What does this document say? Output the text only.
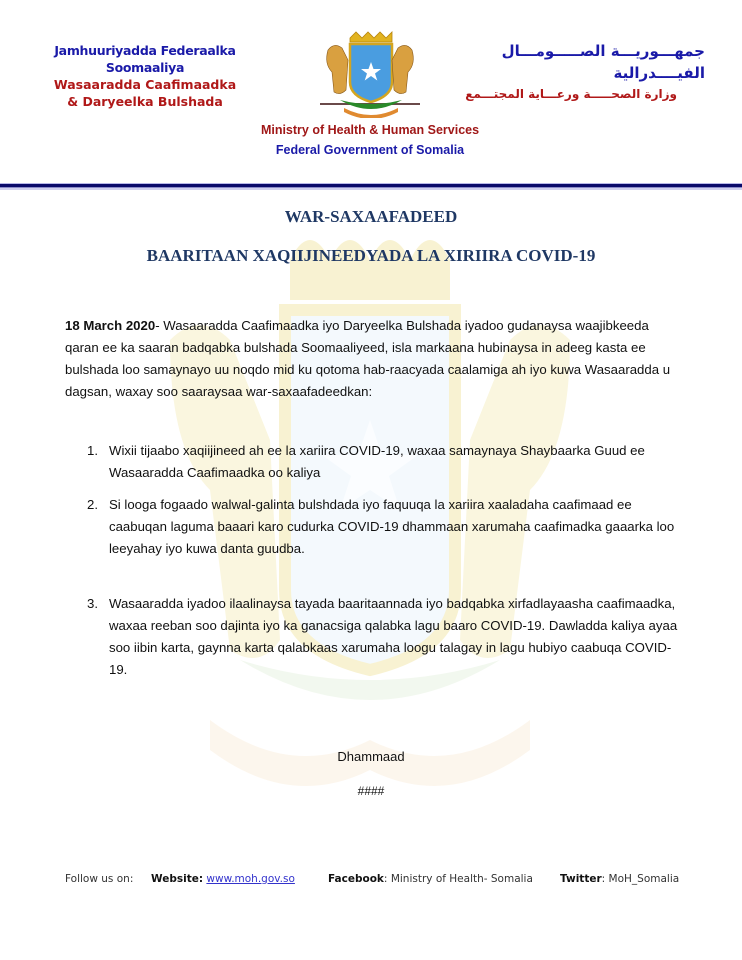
Jamhuuriyadda Federaalka Soomaaliya
Wasaaradda Caafimaadka
& Daryeelka Bulshada
جمهـــوريـــة الصـــــومـــال الفيــــدرالية
وزارة الصحـــــة ورعـــاية المجتـــمع
Ministry of Health & Human Services
Federal Government of Somalia
WAR-SAXAAFADEED
BAARITAAN XAQIIJINEEDYADA LA XIRIIRA COVID-19
18 March 2020- Wasaaradda Caafimaadka iyo Daryeelka Bulshada iyadoo gudanaysa waajibkeeda qaran ee ka saaran badqabka bulshada Soomaaliyeed, isla markaana hubinaysa in adeeg kasta ee bulshada loo samaynayo uu noqdo mid ku qotoma hab-raacyada caalamiga ah iyo kuwa Wasaaradda u dagsan, waxay soo saaraysaa war-saxaafadeedkan:
1. Wixii tijaabo xaqiijineed ah ee la xariira COVID-19, waxaa samaynaya Shaybaarka Guud ee Wasaaradda Caafimaadka oo kaliya
2. Si looga fogaado walwal-galinta bulshdada iyo faquuqa la xariira xaaladaha caafimaad ee caabuqan laguma baaari karo cudurka COVID-19 dhammaan xarumaha caafimadka gaaarka loo leeyahay iyo kuwa danta guudba.
3. Wasaaradda iyadoo ilaalinaysa tayada baaritaannada iyo badqabka xirfadlayaasha caafimaadka, waxaa reeban soo dajinta iyo ka ganacsiga qalabka lagu baaro COVID-19. Dawladda kaliya ayaa soo iibin karta, gaynna karta qalabkaas xarumaha loogu talagay in lagu hubiyo caabuqa COVID-19.
Dhammaad
####
Follow us on: Website: www.moh.gov.so	Facebook: Ministry of Health- Somalia	Twitter: MoH_Somalia
